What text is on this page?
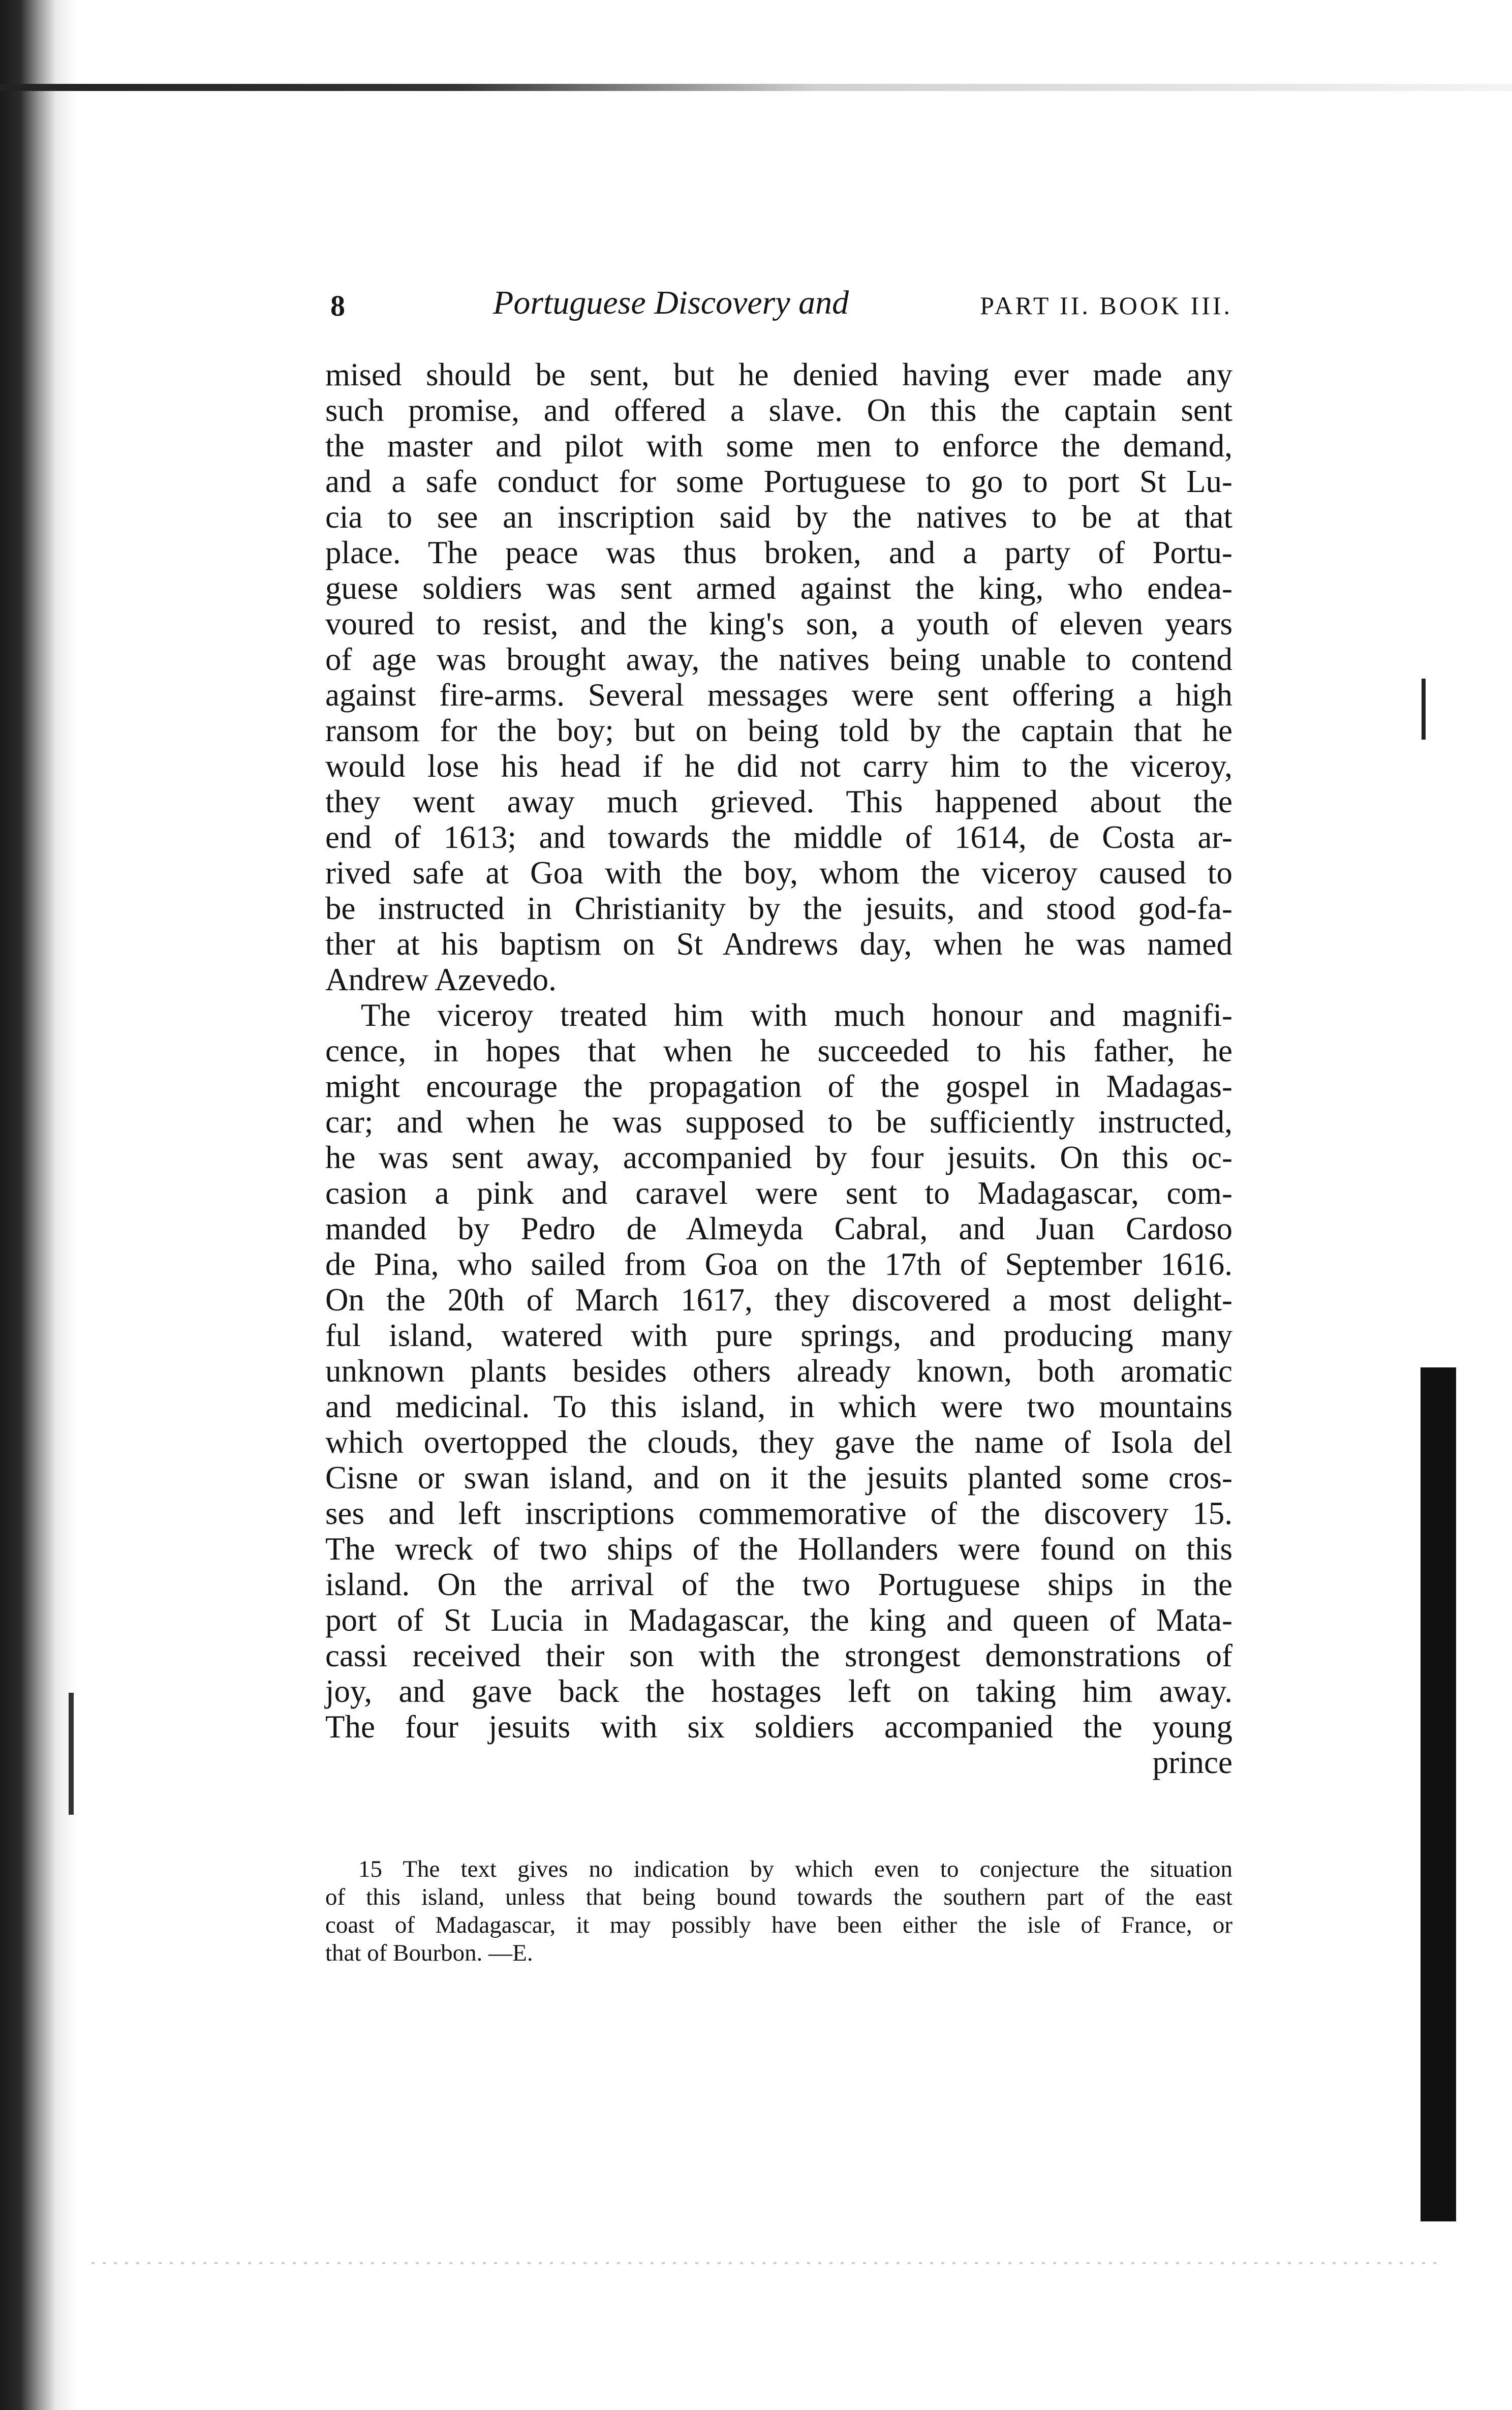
8	Portuguese Discovery and	PART II. BOOK III.
mised should be sent, but he denied having ever made any
such promise, and offered a slave. On this the captain sent
the master and pilot with some men to enforce the demand,
and a safe conduct for some Portuguese to go to port St Lu-
cia to see an inscription said by the natives to be at that
place. The peace was thus broken, and a party of Portu-
guese soldiers was sent armed against the king, who endea-
voured to resist, and the king's son, a youth of eleven years
of age was brought away, the natives being unable to contend
against fire-arms. Several messages were sent offering a high
ransom for the boy; but on being told by the captain that he
would lose his head if he did not carry him to the viceroy,
they went away much grieved. This happened about the
end of 1613; and towards the middle of 1614, de Costa ar-
rived safe at Goa with the boy, whom the viceroy caused to
be instructed in Christianity by the jesuits, and stood god-fa-
ther at his baptism on St Andrews day, when he was named
Andrew Azevedo.
The viceroy treated him with much honour and magnifi-
cence, in hopes that when he succeeded to his father, he
might encourage the propagation of the gospel in Madagas-
car; and when he was supposed to be sufficiently instructed,
he was sent away, accompanied by four jesuits. On this oc-
casion a pink and caravel were sent to Madagascar, com-
manded by Pedro de Almeyda Cabral, and Juan Cardoso
de Pina, who sailed from Goa on the 17th of September 1616.
On the 20th of March 1617, they discovered a most delight-
ful island, watered with pure springs, and producing many
unknown plants besides others already known, both aromatic
and medicinal. To this island, in which were two mountains
which overtopped the clouds, they gave the name of Isola del
Cisne or swan island, and on it the jesuits planted some cros-
ses and left inscriptions commemorative of the discovery 15.
The wreck of two ships of the Hollanders were found on this
island. On the arrival of the two Portuguese ships in the
port of St Lucia in Madagascar, the king and queen of Mata-
cassi received their son with the strongest demonstrations of
joy, and gave back the hostages left on taking him away.
The four jesuits with six soldiers accompanied the young
prince
15 The text gives no indication by which even to conjecture the situation
of this island, unless that being bound towards the southern part of the east
coast of Madagascar, it may possibly have been either the isle of France, or
that of Bourbon. —E.
